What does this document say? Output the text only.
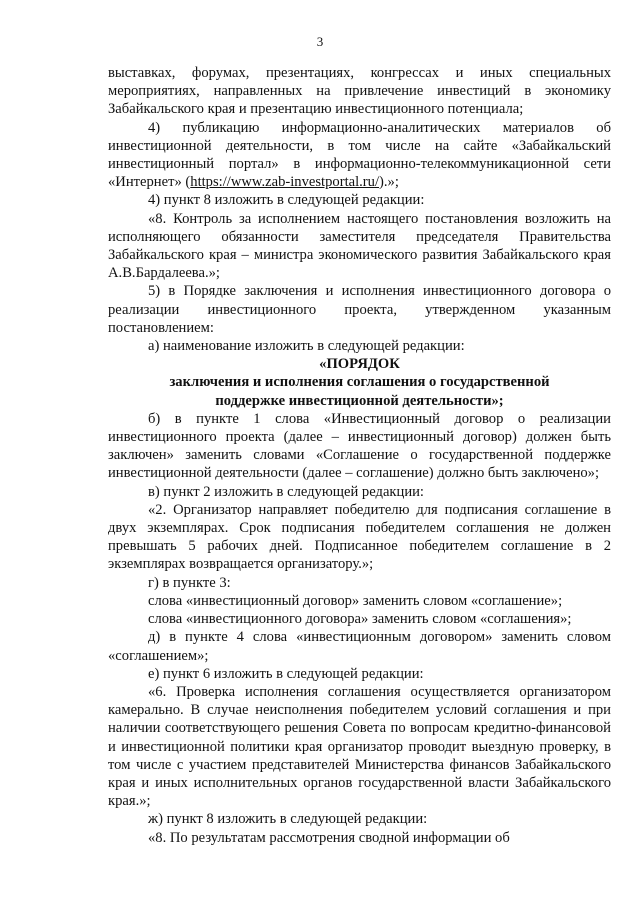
3

выставках, форумах, презентациях, конгрессах и иных специальных мероприятиях, направленных на привлечение инвестиций в экономику Забайкальского края и презентацию инвестиционного потенциала;

4) публикацию информационно-аналитических материалов об инвестиционной деятельности, в том числе на сайте «Забайкальский инвестиционный портал» в информационно-телекоммуникационной сети «Интернет» (https://www.zab-investportal.ru/).»;

4) пункт 8 изложить в следующей редакции:

«8. Контроль за исполнением настоящего постановления возложить на исполняющего обязанности заместителя председателя Правительства Забайкальского края – министра экономического развития Забайкальского края А.В.Бардалеева.»;

5) в Порядке заключения и исполнения инвестиционного договора о реализации инвестиционного проекта, утвержденном указанным постановлением:

а) наименование изложить в следующей редакции:

«ПОРЯДОК

заключения и исполнения соглашения о государственной

поддержке инвестиционной деятельности»;

б) в пункте 1 слова «Инвестиционный договор о реализации инвестиционного проекта (далее – инвестиционный договор) должен быть заключен» заменить словами «Соглашение о государственной поддержке инвестиционной деятельности (далее – соглашение) должно быть заключено»;

в) пункт 2 изложить в следующей редакции:

«2. Организатор направляет победителю для подписания соглашение в двух экземплярах. Срок подписания победителем соглашения не должен превышать 5 рабочих дней. Подписанное победителем соглашение в 2 экземплярах возвращается организатору.»;

г) в пункте 3:

слова «инвестиционный договор» заменить словом «соглашение»;

слова «инвестиционного договора» заменить словом «соглашения»;

д) в пункте 4 слова «инвестиционным договором» заменить словом «соглашением»;

е) пункт 6 изложить в следующей редакции:

«6. Проверка исполнения соглашения осуществляется организатором камерально. В случае неисполнения победителем условий соглашения и при наличии соответствующего решения Совета по вопросам кредитно-финансовой и инвестиционной политики края организатор проводит выездную проверку, в том числе с участием представителей Министерства финансов Забайкальского края и иных исполнительных органов государственной власти Забайкальского края.»;

ж) пункт 8 изложить в следующей редакции:

«8. По результатам рассмотрения сводной информации об
